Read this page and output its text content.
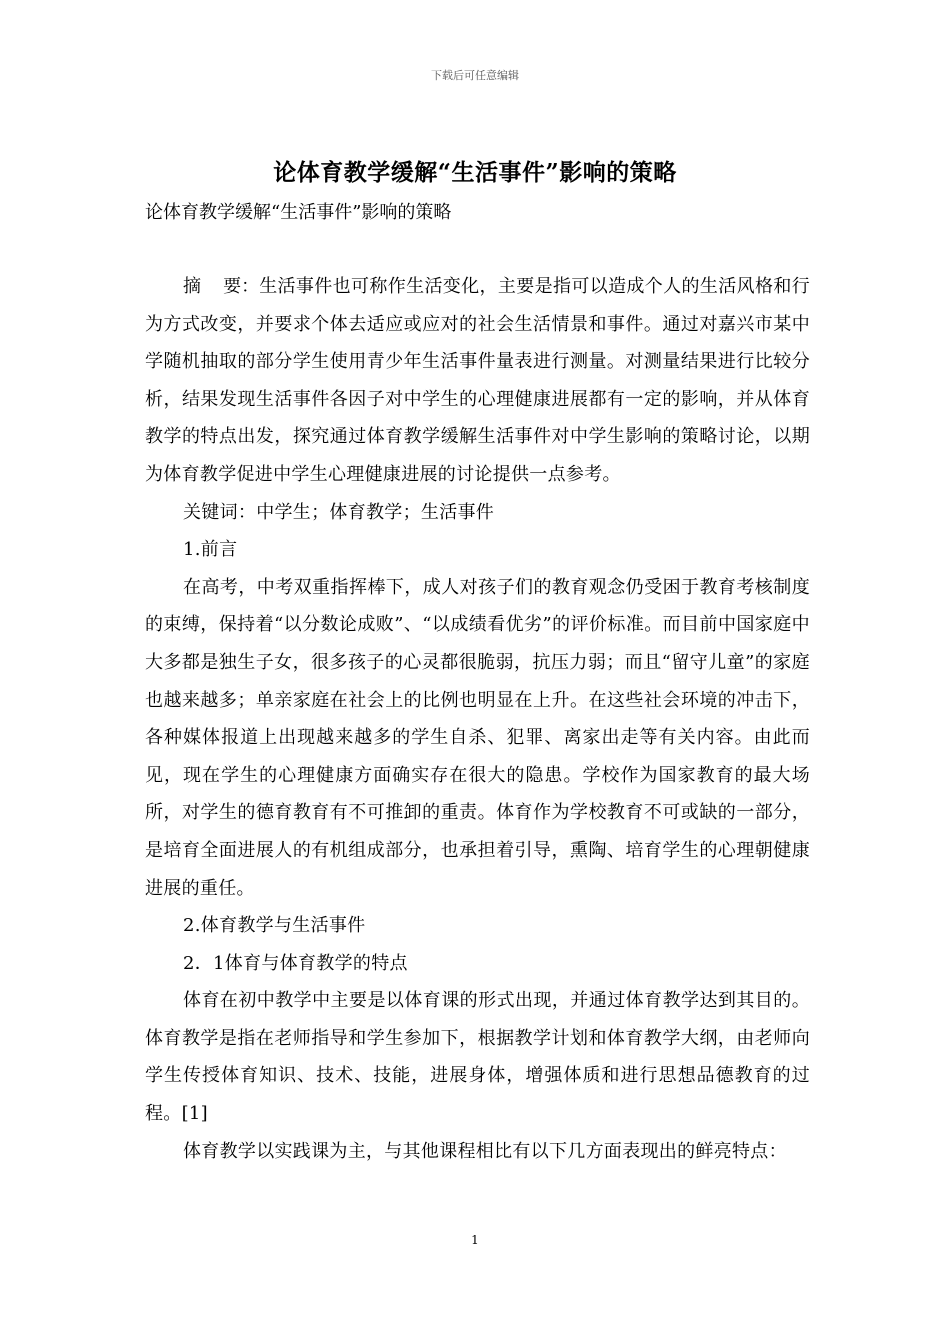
下载后可任意编辑
论体育教学缓解“生活事件”影响的策略
论体育教学缓解“生活事件”影响的策略

摘要：生活事件也可称作生活变化，主要是指可以造成个人的生活风格和行为方式改变，并要求个体去适应或应对的社会生活情景和事件。通过对嘉兴市某中学随机抽取的部分学生使用青少年生活事件量表进行测量。对测量结果进行比较分析，结果发现生活事件各因子对中学生的心理健康进展都有一定的影响，并从体育教学的特点出发，探究通过体育教学缓解生活事件对中学生影响的策略讨论，以期为体育教学促进中学生心理健康进展的讨论提供一点参考。

关键词：中学生；体育教学；生活事件

1.前言

在高考，中考双重指挥棒下，成人对孩子们的教育观念仍受困于教育考核制度的束缚，保持着“以分数论成败”、“以成绩看优劣”的评价标准。而目前中国家庭中大多都是独生子女，很多孩子的心灵都很脆弱，抗压力弱；而且“留守儿童”的家庭也越来越多；单亲家庭在社会上的比例也明显在上升。在这些社会环境的冲击下，各种媒体报道上出现越来越多的学生自杀、犯罪、离家出走等有关内容。由此而见，现在学生的心理健康方面确实存在很大的隐患。学校作为国家教育的最大场所，对学生的德育教育有不可推卸的重责。体育作为学校教育不可或缺的一部分，是培育全面进展人的有机组成部分，也承担着引导，熏陶、培育学生的心理朝健康进展的重任。

2.体育教学与生活事件

2．1体育与体育教学的特点

体育在初中教学中主要是以体育课的形式出现，并通过体育教学达到其目的。体育教学是指在老师指导和学生参加下，根据教学计划和体育教学大纲，由老师向学生传授体育知识、技术、技能，进展身体，增强体质和进行思想品德教育的过程。[1]

体育教学以实践课为主，与其他课程相比有以下几方面表现出的鲜亮特点：

1
